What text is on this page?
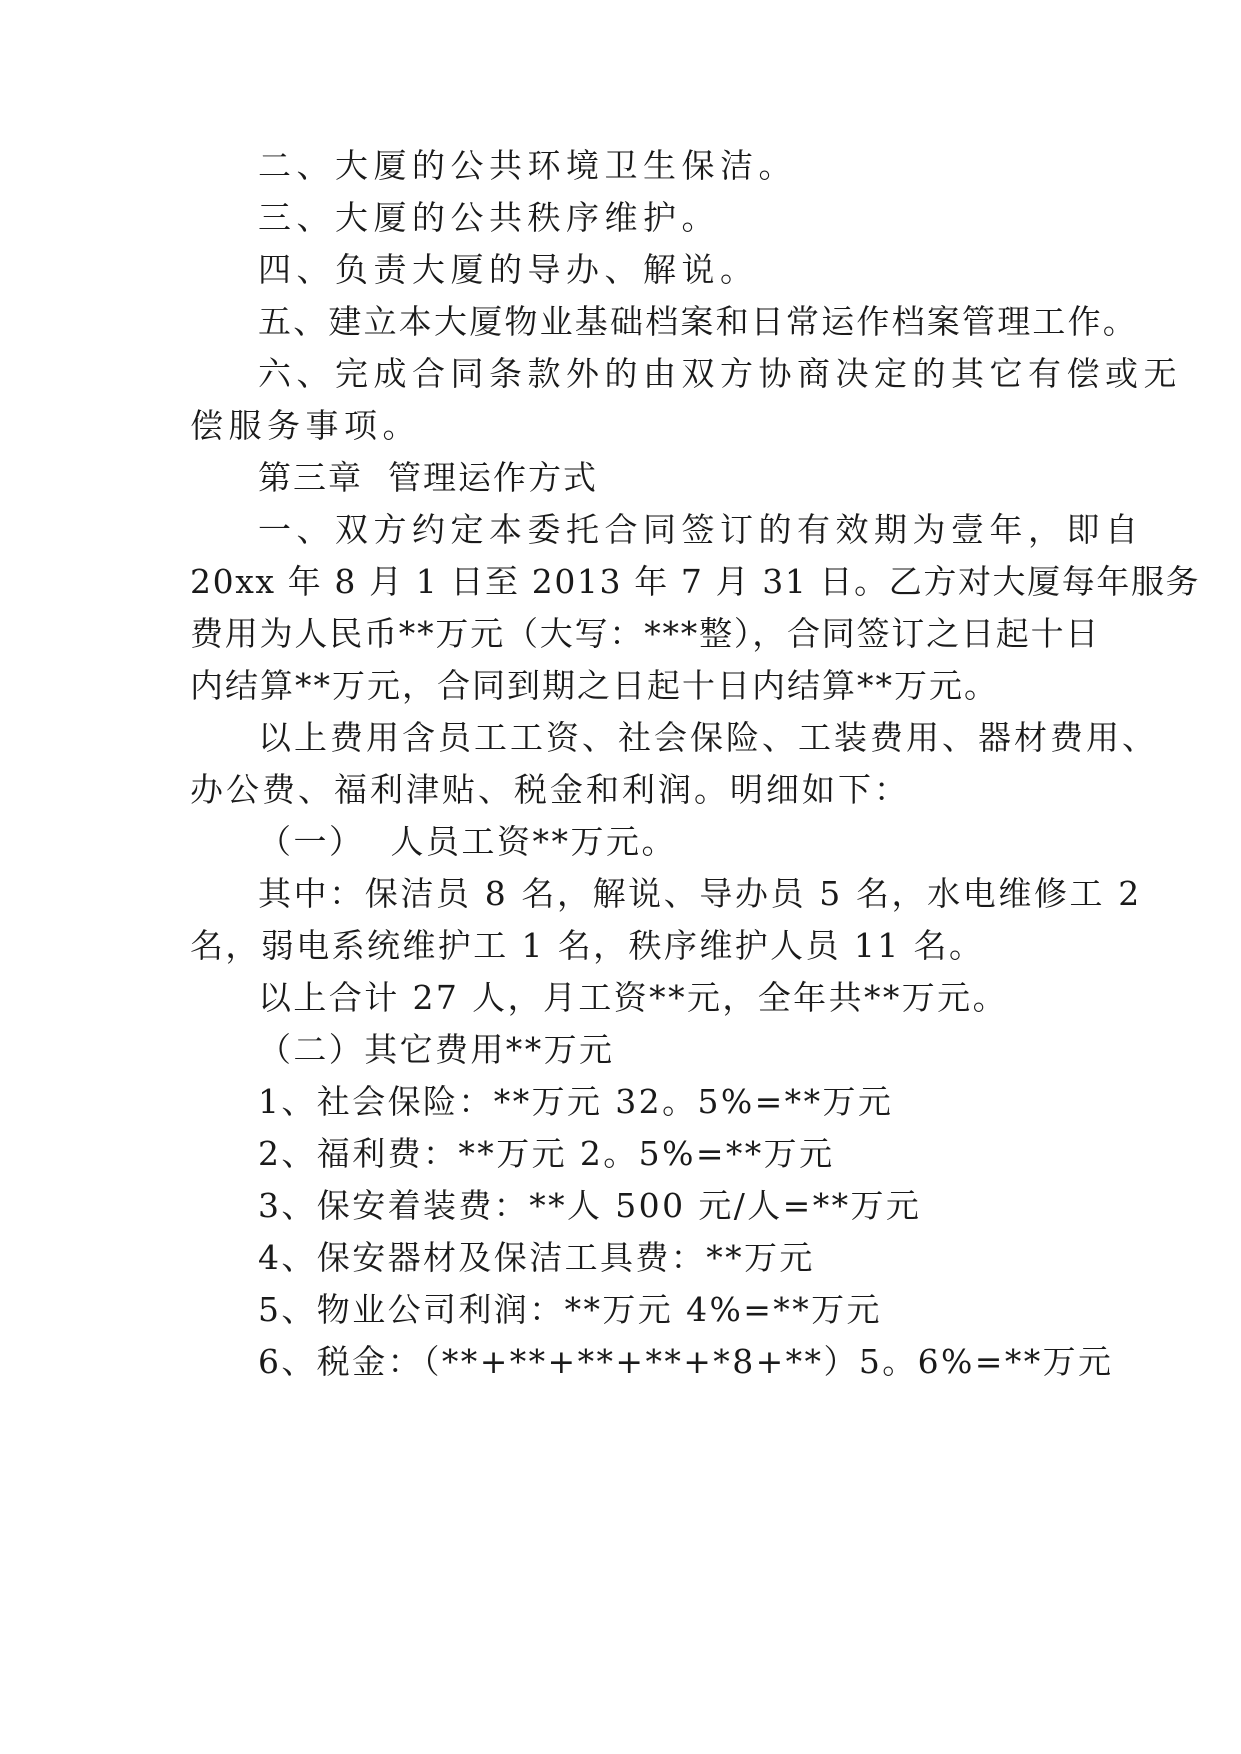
二、大厦的公共环境卫生保洁。
三、大厦的公共秩序维护。
四、负责大厦的导办、解说。
五、建立本大厦物业基础档案和日常运作档案管理工作。
六、完成合同条款外的由双方协商决定的其它有偿或无
偿服务事项。
第三章  管理运作方式
一、双方约定本委托合同签订的有效期为壹年，即自
20xx 年 8 月 1 日至 2013 年 7 月 31 日。乙方对大厦每年服务
费用为人民币**万元（大写：***整），合同签订之日起十日
内结算**万元，合同到期之日起十日内结算**万元。
以上费用含员工工资、社会保险、工装费用、器材费用、
办公费、福利津贴、税金和利润。明细如下：
（一）  人员工资**万元。
其中：保洁员 8 名，解说、导办员 5 名，水电维修工 2
名，弱电系统维护工 1 名，秩序维护人员 11 名。
以上合计 27 人，月工资**元，全年共**万元。
（二）其它费用**万元
1、社会保险：**万元 32。5%=**万元
2、福利费：**万元 2。5%=**万元
3、保安着装费：**人 500 元/人=**万元
4、保安器材及保洁工具费：**万元
5、物业公司利润：**万元 4%=**万元
6、税金：（**+**+**+**+*8+**）5。6%=**万元
